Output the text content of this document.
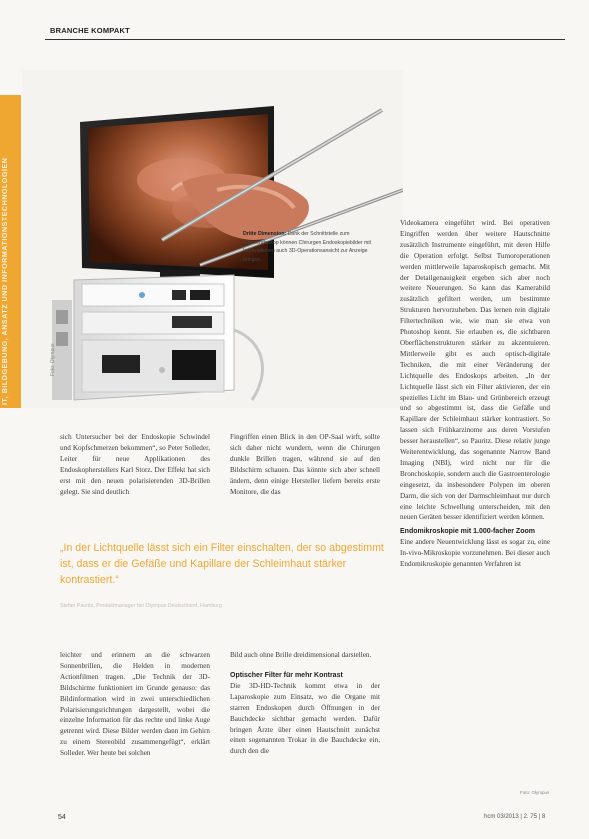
BRANCHE KOMPAKT
IT, BILDGEBUNG, ANSATZ UND INFORMATIONSTECHNOLOGIEN	Foto: Olympus
Dritte Dimension: Dank der Schnittstelle zum Videoendoskop können Chirurgen Endoskopiebilder mit Informationen auch 3D-Operationsansicht zur Anzeige bringen.

sich Untersucher bei der Endoskopie Schwindel und Kopfschmerzen bekommen“, so Peter Solleder, Leiter für neue Applikationen des Endoskopherstellers Karl Storz. Der Effekt hat sich erst mit den neuen polarisierenden 3D-Brillen gelegt. Sie sind deutlich

Fingriffen einen Blick in den OP-Saal wirft, sollte sich daher nicht wundern, wenn die Chirurgen dunkle Brillen tragen, während sie auf den Bildschirm schauen. Das könnte sich aber schnell ändern, denn einige Hersteller liefern bereits erste Monitore, die das

Videokamera eingeführt wird. Bei operativen Eingriffen werden über weitere Hautschnitte zusätzlich Instrumente eingeführt, mit deren Hilfe die Operation erfolgt. Selbst Tumoroperationen werden mittlerweile laparoskopisch gemacht. Mit der Detailgenauigkeit ergeben sich aber noch weitere Neuerungen. So kann das Kamerabild zusätzlich gefiltert werden, um bestimmte Strukturen hervorzuheben. Das lernen rein digitale Filtertechniken wie, wie man sie etwa von Photoshop kennt. Sie erlauben es, die sichtbaren Oberflächenstrukturen stärker zu akzentuieren. Mittlerweile gibt es auch optisch-digitale Techniken, die mit einer Veränderung der Lichtquelle des Endoskops arbeiten. „In der Lichtquelle lässt sich ein Filter aktivieren, der ein spezielles Licht im Blau- und Grünbereich erzeugt und so abgestimmt ist, dass die Gefäße und Kapillare der Schleimhaut stärker kontrastiert. So lassen sich Frühkarzinome aus deren Vorstufen besser heraustellen“, so Pauritz. Diese relativ junge Weiterentwicklung, das sogenannte Narrow Band Imaging (NBI), wird nicht nur für die Bronchoskopie, sondern auch die Gastroenterologie eingesetzt, da insbesondere Polypen im oberen Darm, die sich von der Darmschleimhaut nur durch eine leichte Schwellung unterscheiden, mit den neuen Geräten besser identifiziert werden können.

Endomikroskopie mit 1.000-facher Zoom

Eine andere Neuentwicklung lässt es sogar zu, eine In-vivo-Mikroskopie vorzunehmen. Bei dieser auch Endomikroskopie genannten Verfahren ist

„In der Lichtquelle lässt sich ein Filter einschalten, der so abgestimmt ist, dass er die Gefäße und Kapillare der Schleimhaut stärker kontrastiert.“
Stefan Pauritz, Produktmanager bei Olympus Deutschland, Hamburg

leichter und erinnern an die schwarzen Sonnenbrillen, die Helden in modernen Actionfilmen tragen. „Die Technik der 3D-Bildschirme funktioniert im Grunde genauso: das Bildinformation wird in zwei unterschiedlichen Polarisierungsrichtungen dargestellt, wobei die einzelne Information für das rechte und linke Auge getrennt wird. Diese Bilder werden dann im Gehirn zu einem Stereobild zusammengefügt“, erklärt Solleder. Wer heute bei solchen

Bild auch ohne Brille dreidimensional darstellen.

Optischer Filter für mehr Kontrast

Die 3D-HD-Technik kommt etwa in der Laparoskopie zum Einsatz, wo die Organe mit starren Endoskopen durch Öffnungen in der Bauchdecke sichtbar gemacht werden. Dafür bringen Ärzte über einen Hautschnitt zunächst einen sogenannten Trokar in die Bauchdecke ein, durch den die

Foto: Olympus
54	hcm 03/2013 | 2. 75 | 8
